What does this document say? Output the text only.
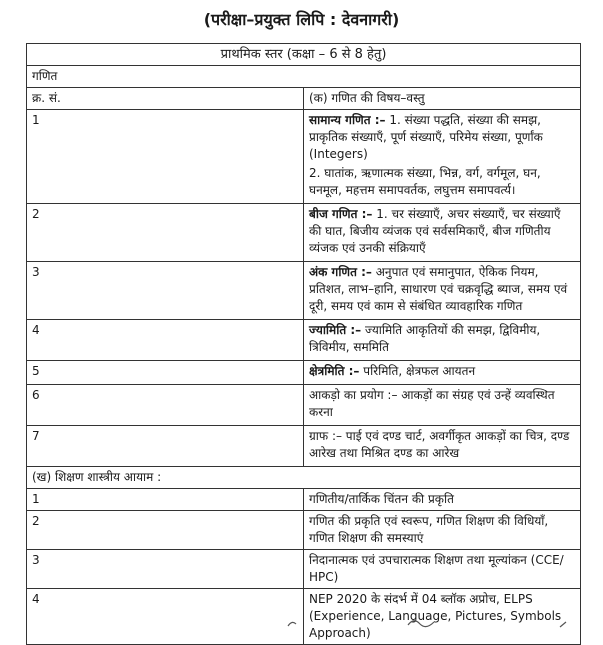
(परीक्षा–प्रयुक्त लिपि : देवनागरी)
प्राथमिक स्तर (कक्षा – 6 से 8 हेतु)	
गणित	
क्र. सं.	(क) गणित की विषय–वस्तु
1	सामान्य गणित :– 1. संख्या पद्धति, संख्या की समझ, प्राकृतिक संख्याएँ, पूर्ण संख्याएँ, परिमेय संख्या, पूर्णांक (Integers)
2. घातांक, ऋणात्मक संख्या, भिन्न, वर्ग, वर्गमूल, घन, घनमूल, महत्तम समापवर्तक, लघुत्तम समापवर्त्य।

2	बीज गणित :– 1. चर संख्याएँ, अचर संख्याएँ, चर संख्याएँ की घात, बिजीय व्यंजक एवं सर्वसमिकाएँ, बीज गणितीय व्यंजक एवं उनकी संक्रियाएँ

3	अंक गणित :– अनुपात एवं समानुपात, ऐकिक नियम, प्रतिशत, लाभ–हानि, साधारण एवं चक्रवृद्धि ब्याज, समय एवं दूरी, समय एवं काम से संबंधित व्यावहारिक गणित

4	ज्यामिति :– ज्यामिति आकृतियों की समझ, द्विविमीय, त्रिविमीय, सममिति

5	क्षेत्रमिति :– परिमिति, क्षेत्रफल आयतन

6	आकड़ो का प्रयोग :– आकड़ों का संग्रह एवं उन्हें व्यवस्थित करना

7	ग्राफ :– पाई एवं दण्ड चार्ट, अवर्गीकृत आकड़ों का चित्र, दण्ड आरेख तथा मिश्रित दण्ड का आरेख

(ख) शिक्षण शास्त्रीय आयाम :	
1	गणितीय/तार्किक चिंतन की प्रकृति
2	गणित की प्रकृति एवं स्वरूप, गणित शिक्षण की विधियाँ, गणित शिक्षण की समस्याएं
3	निदानात्मक एवं उपचारात्मक शिक्षण तथा मूल्यांकन (CCE/ HPC)
4	NEP 2020 के संदर्भ में 04 ब्लॉक अप्रोच, ELPS (Experience, Language, Pictures, Symbols Approach)
